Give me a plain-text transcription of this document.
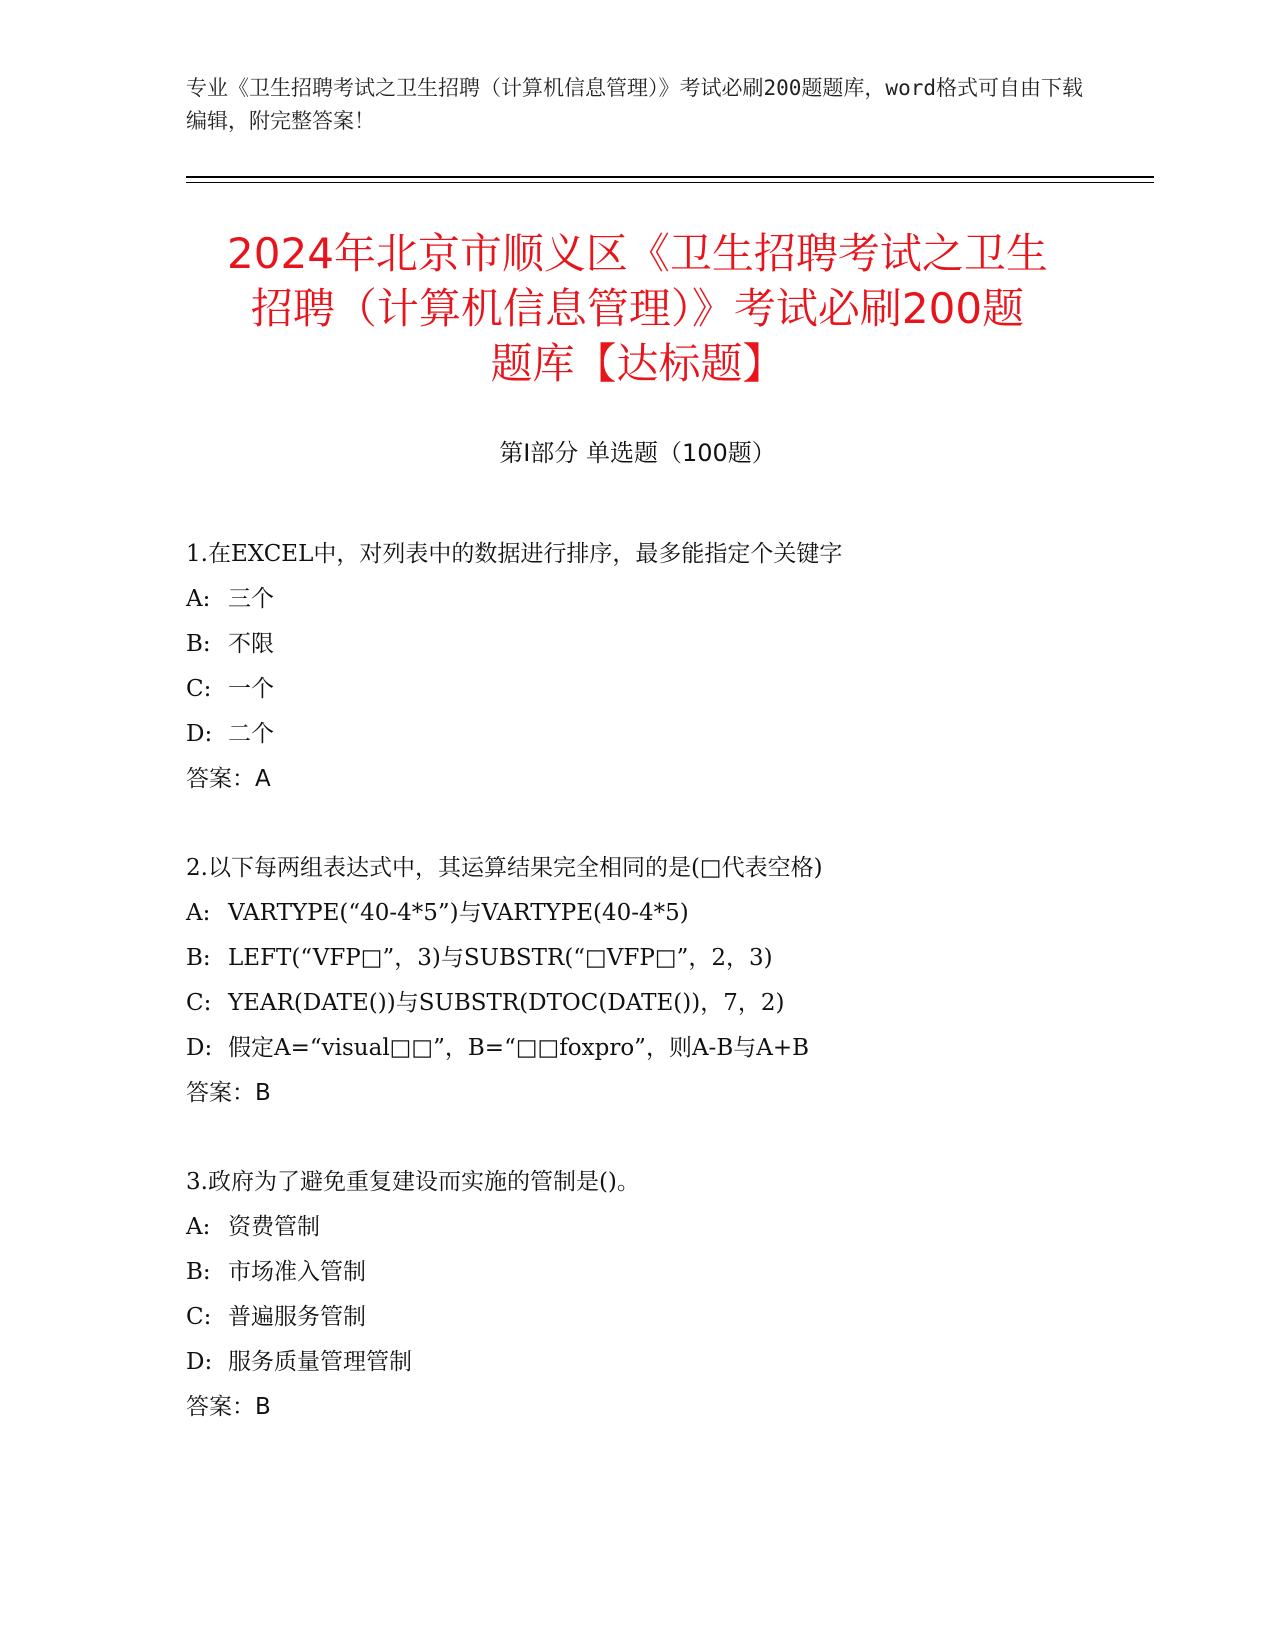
专业《卫生招聘考试之卫生招聘（计算机信息管理）》考试必刷200题题库，word格式可自由下载编辑，附完整答案！
2024年北京市顺义区《卫生招聘考试之卫生
招聘（计算机信息管理）》考试必刷200题
题库【达标题】
第I部分 单选题（100题）
1.在EXCEL中，对列表中的数据进行排序，最多能指定个关键字
A: 三个
B: 不限
C: 一个
D: 二个
答案：A
2.以下每两组表达式中，其运算结果完全相同的是(□代表空格)
A: VARTYPE(“40-4*5”)与VARTYPE(40-4*5)
B: LEFT(“VFP□”，3)与SUBSTR(“□VFP□”，2，3)
C: YEAR(DATE())与SUBSTR(DTOC(DATE())，7，2)
D: 假定A=“visual□□”，B=“□□foxpro”，则A-B与A+B
答案：B
3.政府为了避免重复建设而实施的管制是()。
A: 资费管制
B: 市场准入管制
C: 普遍服务管制
D: 服务质量管理管制
答案：B
